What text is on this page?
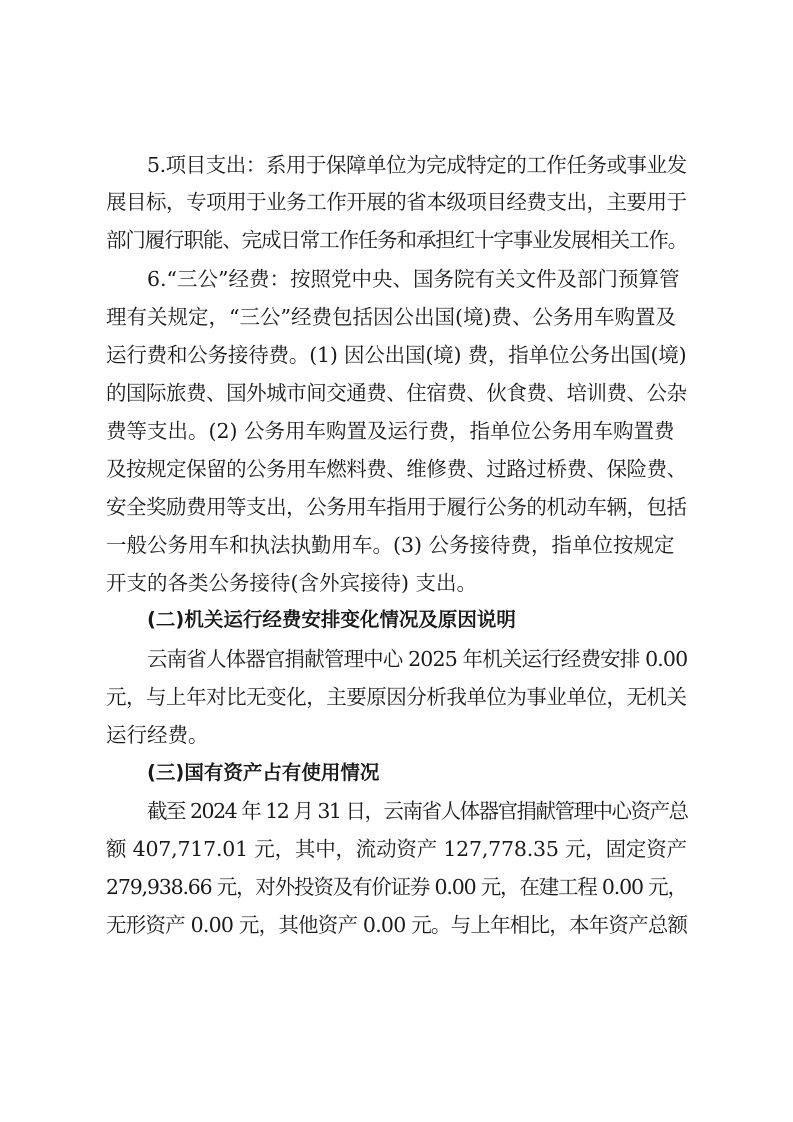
5.项目支出：系用于保障单位为完成特定的工作任务或事业发
展目标，专项用于业务工作开展的省本级项目经费支出，主要用于
部门履行职能、完成日常工作任务和承担红十字事业发展相关工作。
6.“三公”经费：按照党中央、国务院有关文件及部门预算管
理有关规定，“三公”经费包括因公出国(境)费、公务用车购置及
运行费和公务接待费。(1) 因公出国(境) 费，指单位公务出国(境)
的国际旅费、国外城市间交通费、住宿费、伙食费、培训费、公杂
费等支出。(2) 公务用车购置及运行费，指单位公务用车购置费
及按规定保留的公务用车燃料费、维修费、过路过桥费、保险费、
安全奖励费用等支出，公务用车指用于履行公务的机动车辆，包括
一般公务用车和执法执勤用车。(3) 公务接待费，指单位按规定
开支的各类公务接待(含外宾接待) 支出。
(二)机关运行经费安排变化情况及原因说明
云南省人体器官捐献管理中心 2025 年机关运行经费安排 0.00
元，与上年对比无变化，主要原因分析我单位为事业单位，无机关
运行经费。
(三)国有资产占有使用情况
截至 2024 年 12 月 31 日，云南省人体器官捐献管理中心资产总
额 407,717.01 元，其中，流动资产 127,778.35 元，固定资产
279,938.66 元，对外投资及有价证券 0.00 元，在建工程 0.00 元，
无形资产 0.00 元，其他资产 0.00 元。与上年相比，本年资产总额
